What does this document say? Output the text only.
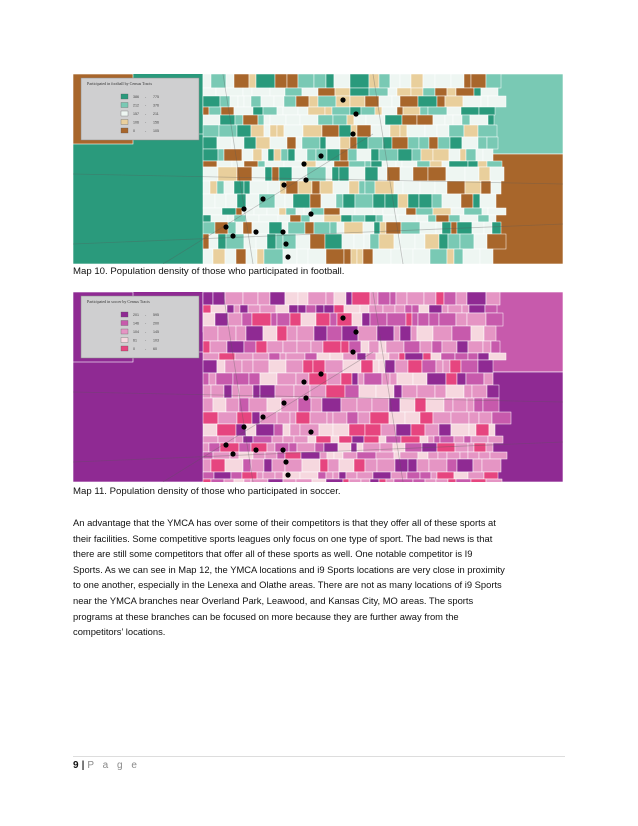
Participated in football by Census Tracts
386 - 775
212 - 376
157 - 211
106 - 156
0	- 105
Map 10. Population density of those who participated in football.
Participated in soccer by Census Tracts
201 - 595
146 - 200
104 - 145
61 - 103
0	- 60
Map 11. Population density of those who participated in soccer.
An advantage that the YMCA has over some of their competitors is that they offer all of these sports at
their facilities. Some competitive sports leagues only focus on one type of sport. The bad news is that
there are still some competitors that offer all of these sports as well. One notable competitor is I9
Sports. As we can see in Map 12, the YMCA locations and i9 Sports locations are very close in proximity
to one another, especially in the Lenexa and Olathe areas. There are not as many locations of i9 Sports
near the YMCA branches near Overland Park, Leawood, and Kansas City, MO areas. The sports
programs at these branches can be focused on more because they are further away from the
competitors’ locations.
9 | P a g e
